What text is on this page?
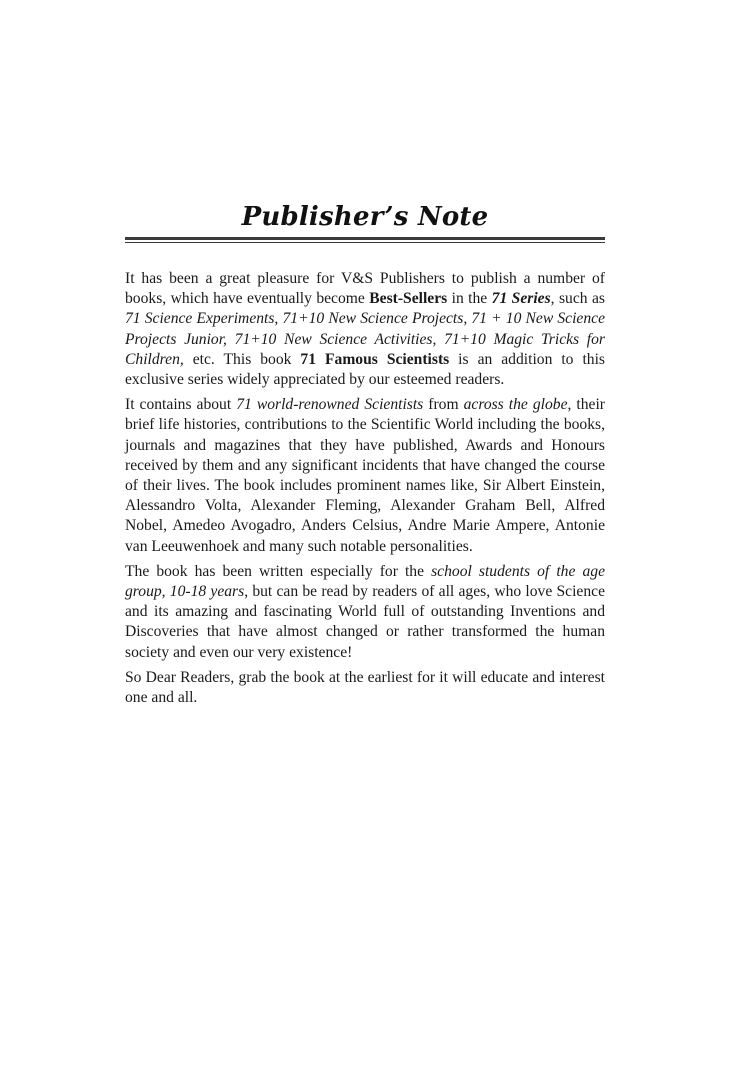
Publisher’s Note

It has been a great pleasure for V&S Publishers to publish a number of books, which have eventually become Best-Sellers in the 71 Series, such as 71 Science Experiments, 71+10 New Science Projects, 71 + 10 New Science Projects Junior, 71+10 New Science Activities, 71+10 Magic Tricks for Children, etc. This book 71 Famous Scientists is an addition to this exclusive series widely appreciated by our esteemed readers.

It contains about 71 world-renowned Scientists from across the globe, their brief life histories, contributions to the Scientific World including the books, journals and magazines that they have published, Awards and Honours received by them and any significant incidents that have changed the course of their lives. The book includes prominent names like, Sir Albert Einstein, Alessandro Volta, Alexander Fleming, Alexander Graham Bell, Alfred Nobel, Amedeo Avogadro, Anders Celsius, Andre Marie Ampere, Antonie van Leeuwenhoek and many such notable personalities.

The book has been written especially for the school students of the age group, 10-18 years, but can be read by readers of all ages, who love Science and its amazing and fascinating World full of outstanding Inventions and Discoveries that have almost changed or rather transformed the human society and even our very existence!

So Dear Readers, grab the book at the earliest for it will educate and interest one and all.
